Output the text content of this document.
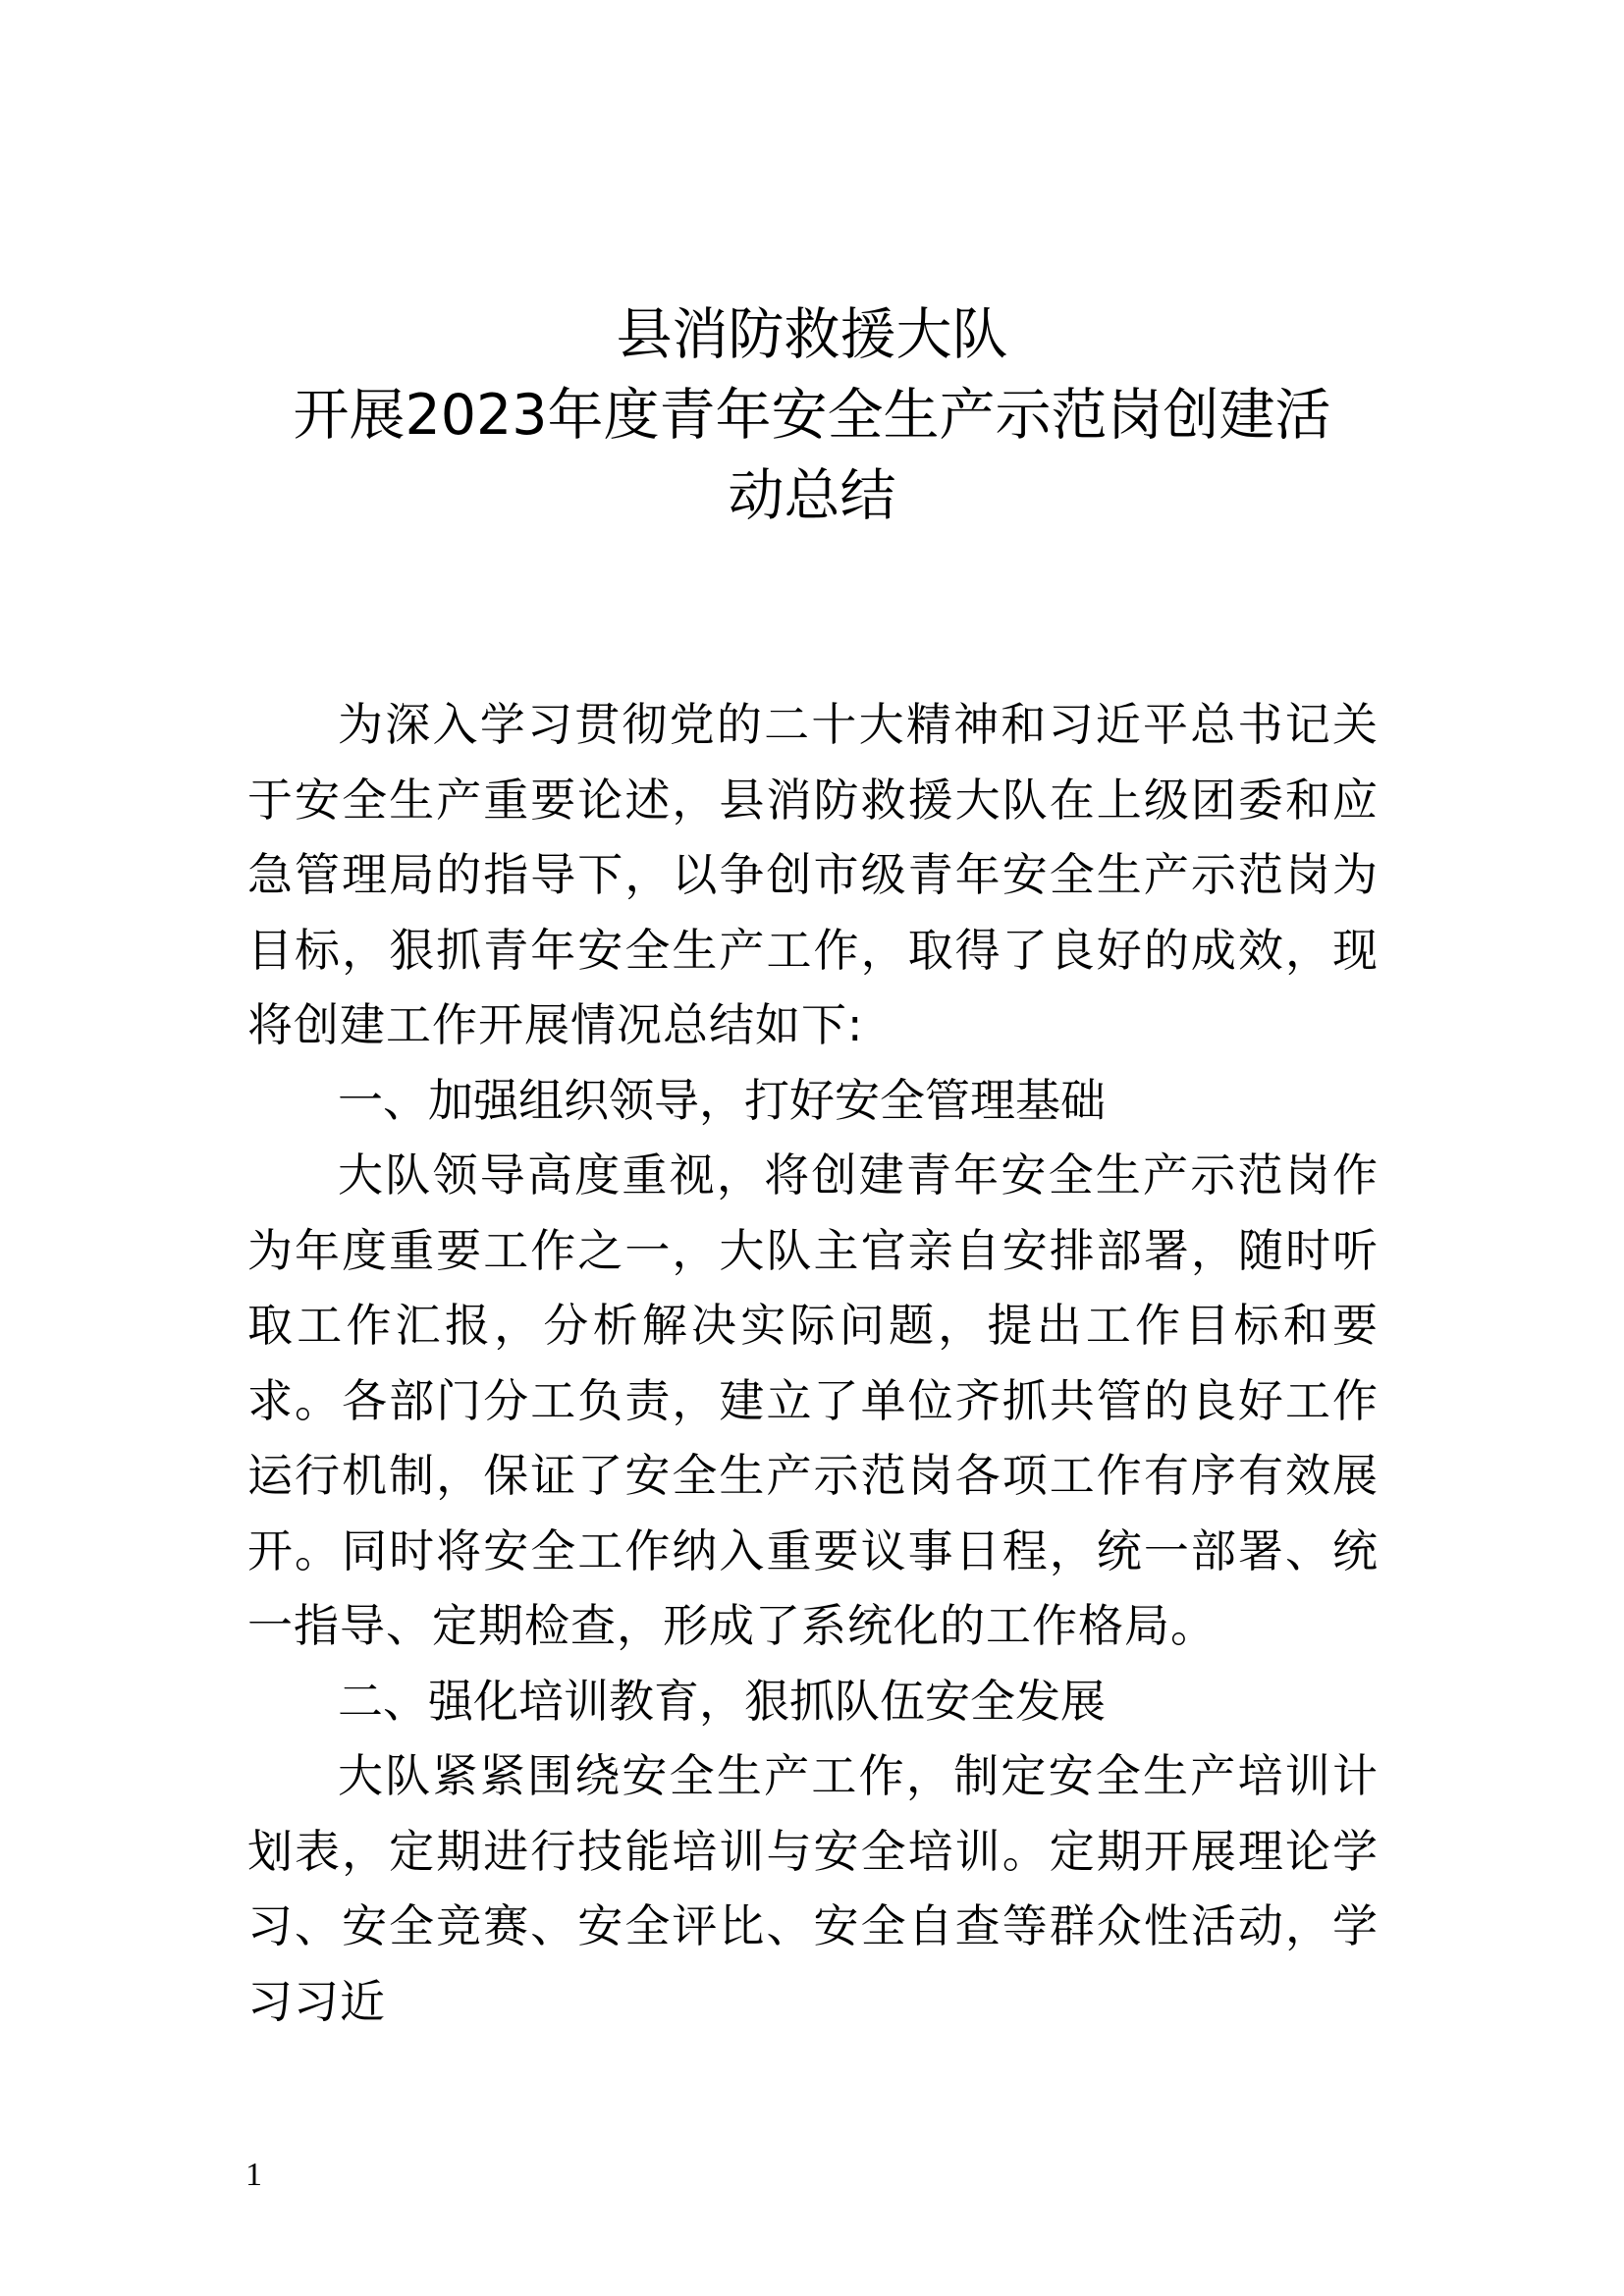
县消防救援大队
开展2023年度青年安全生产示范岗创建活
动总结

为深入学习贯彻党的二十大精神和习近平总书记关于安全生产重要论述，县消防救援大队在上级团委和应急管理局的指导下，以争创市级青年安全生产示范岗为目标，狠抓青年安全生产工作，取得了良好的成效，现将创建工作开展情况总结如下:

一、加强组织领导，打好安全管理基础

大队领导高度重视，将创建青年安全生产示范岗作为年度重要工作之一，大队主官亲自安排部署，随时听取工作汇报，分析解决实际问题，提出工作目标和要求。各部门分工负责，建立了单位齐抓共管的良好工作运行机制，保证了安全生产示范岗各项工作有序有效展开。同时将安全工作纳入重要议事日程，统一部署、统一指导、定期检查，形成了系统化的工作格局。

二、强化培训教育，狠抓队伍安全发展

大队紧紧围绕安全生产工作，制定安全生产培训计划表，定期进行技能培训与安全培训。定期开展理论学习、安全竞赛、安全评比、安全自查等群众性活动，学习习近

1
